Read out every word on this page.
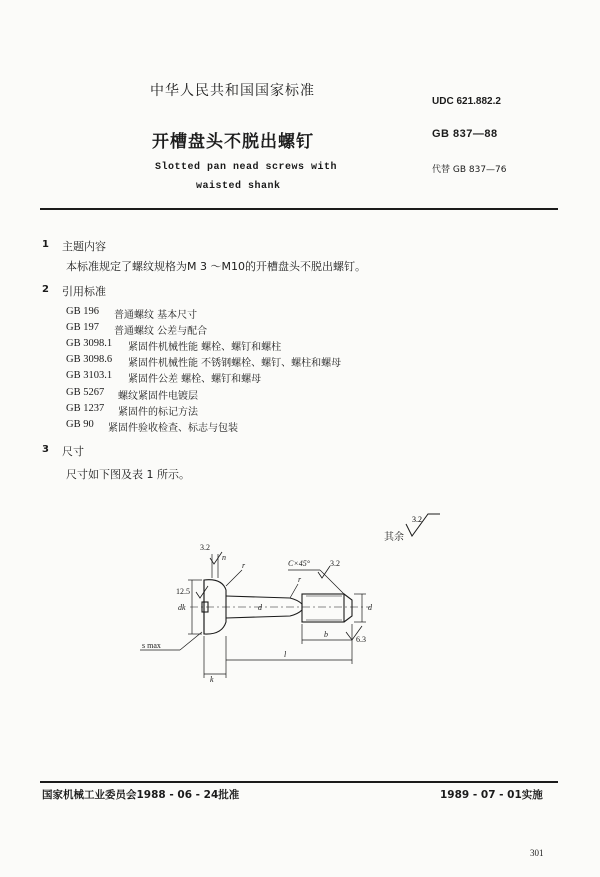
中华人民共和国国家标准
UDC 621.882.2
开槽盘头不脱出螺钉	GB 837—88
Slotted pan nead screws with
waisted shank
代替 GB 837—76
1 主题内容
本标准规定了螺纹规格为M 3 ～M10的开槽盘头不脱出螺钉。
2 引用标准
GB 196 普通螺纹 基本尺寸
GB 197 普通螺纹 公差与配合
GB 3098.1 紧固件机械性能 螺栓、螺钉和螺柱
GB 3098.6 紧固件机械性能 不锈钢螺栓、螺钉、螺柱和螺母
GB 3103.1 紧固件公差 螺栓、螺钉和螺母
GB 5267 螺纹紧固件电镀层
GB 1237 紧固件的标记方法
GB 90 紧固件验收检查、标志与包装
3 尺寸
尺寸如下图及表 1 所示。
其余
3.2
12.5
3.2
6.3
3.2
C×45°
r
r
dk	d	d
n
k
l
b
s max
国家机械工业委员会1988 - 06 - 24批准	1989 - 07 - 01实施
301
